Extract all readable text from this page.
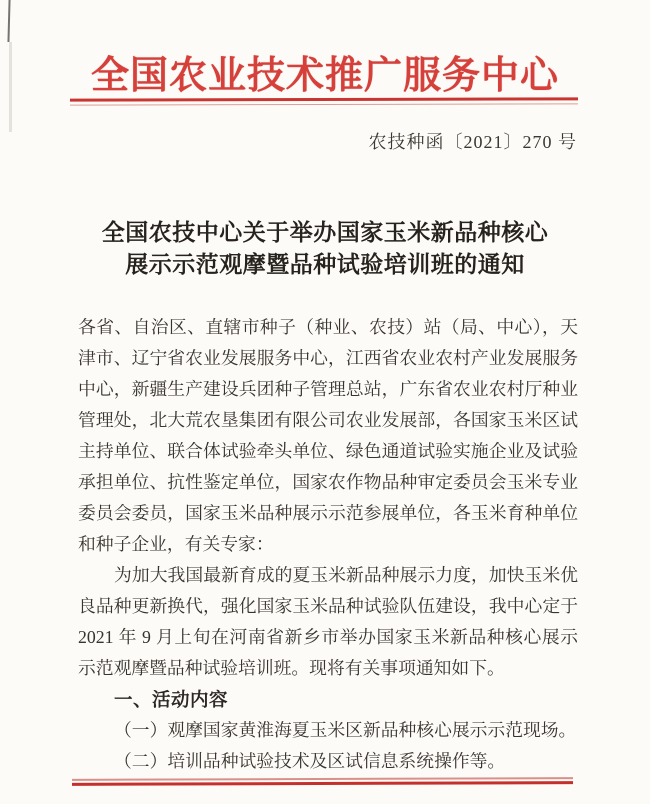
全国农业技术推广服务中心
农技种函〔2021〕270 号
全国农技中心关于举办国家玉米新品种核心
展示示范观摩暨品种试验培训班的通知
各省、自治区、直辖市种子（种业、农技）站（局、中心），天
津市、辽宁省农业发展服务中心，江西省农业农村产业发展服务
中心，新疆生产建设兵团种子管理总站，广东省农业农村厅种业
管理处，北大荒农垦集团有限公司农业发展部，各国家玉米区试
主持单位、联合体试验牵头单位、绿色通道试验实施企业及试验
承担单位、抗性鉴定单位，国家农作物品种审定委员会玉米专业
委员会委员，国家玉米品种展示示范参展单位，各玉米育种单位
和种子企业，有关专家：
为加大我国最新育成的夏玉米新品种展示力度，加快玉米优
良品种更新换代，强化国家玉米品种试验队伍建设，我中心定于
2021 年 9 月上旬在河南省新乡市举办国家玉米新品种核心展示
示范观摩暨品种试验培训班。现将有关事项通知如下。
一、活动内容
（一）观摩国家黄淮海夏玉米区新品种核心展示示范现场。
（二）培训品种试验技术及区试信息系统操作等。
